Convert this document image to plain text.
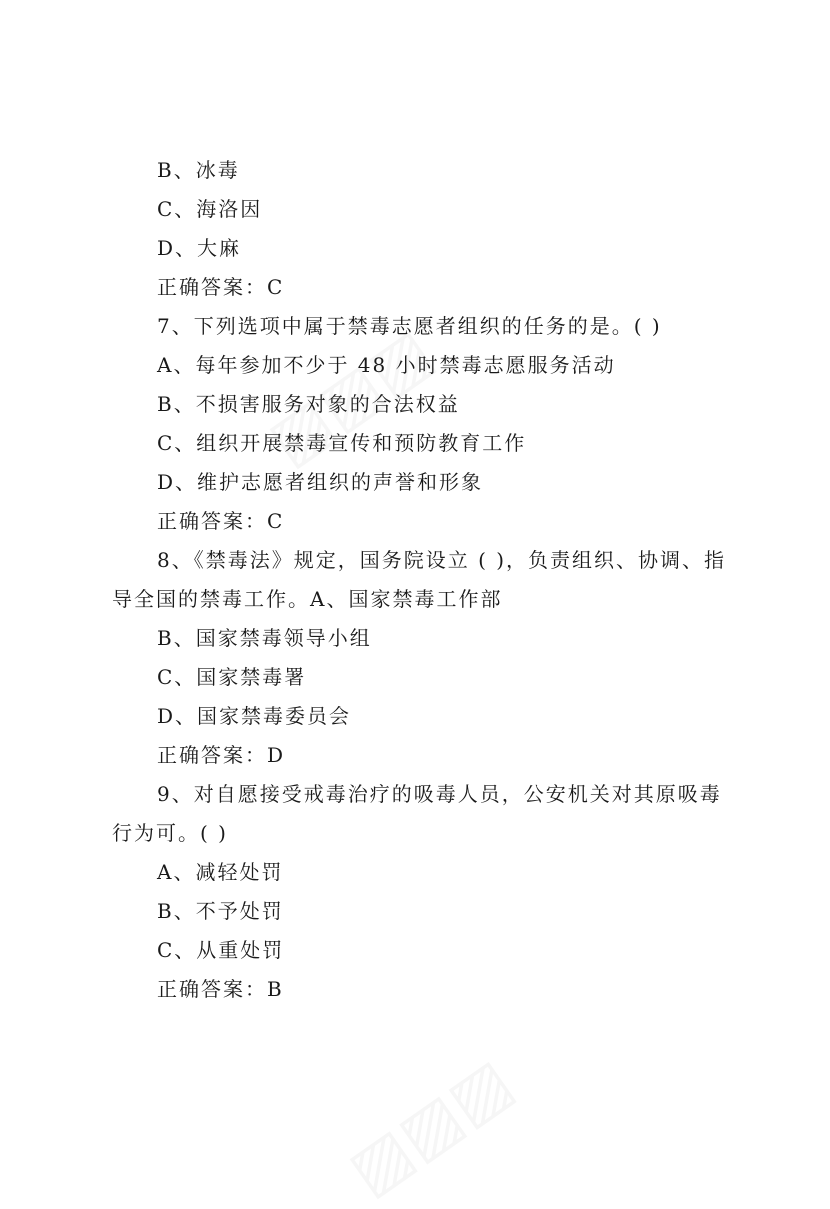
B、冰毒
C、海洛因
D、大麻
正确答案：C
7、下列选项中属于禁毒志愿者组织的任务的是。( )
A、每年参加不少于 48 小时禁毒志愿服务活动
B、不损害服务对象的合法权益
C、组织开展禁毒宣传和预防教育工作
D、维护志愿者组织的声誉和形象
正确答案：C
8、《禁毒法》规定，国务院设立 ( )，负责组织、协调、指
导全国的禁毒工作。A、国家禁毒工作部
B、国家禁毒领导小组
C、国家禁毒署
D、国家禁毒委员会
正确答案：D
9、对自愿接受戒毒治疗的吸毒人员，公安机关对其原吸毒
行为可。( )
A、减轻处罚
B、不予处罚
C、从重处罚
正确答案：B
